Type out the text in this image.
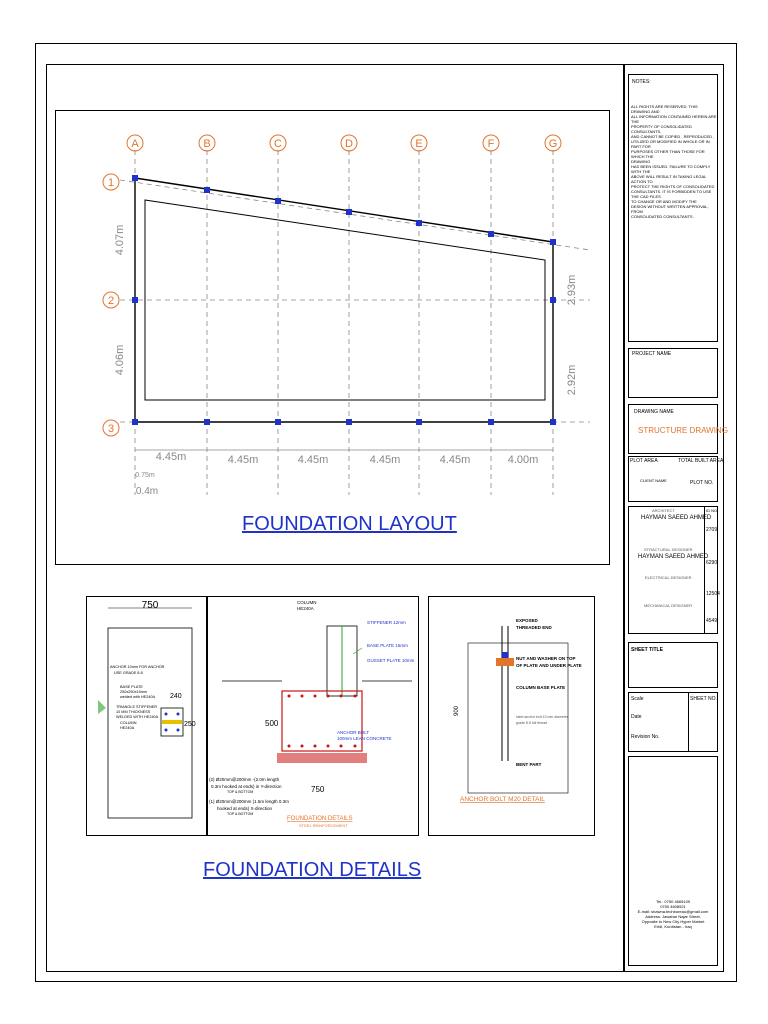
A	B	C	D	E	F	G
1
2
3
4.07m
4.06m
2.93m
2.92m
4.45m	4.45m	4.45m	4.45m	4.45m	4.00m
0.75m
0.4m
FOUNDATION LAYOUT
750
240
250
ANCHOR 10mm FOR ANCHOR
USE GRADE 8.8
BASE PLATE
250x250x15mm
welded with HE240A
TRIANGLE STIFFENER
10 MM THICKNESS
WELDED WITH HE240A
COLUMN
HE240A
COLUMN
HE240A
STIFFENER 12mm
BASE PLATE 15mm
GUSSET PLATE 10mm
ANCHOR BOLT
100mm LEAN CONCRETE
500
750
(2) Ø20mm@200mm -(2.0m length
0.3m hooked at ends) in Y-direction
TOP & BOTTOM
(1) Ø20mm@200mm (1.5m length 0.3m
hooked at ends) X-direction
TOP & BOTTOM
FOUNDATION DETAILS
STEEL REINFORCEMENT
EXPOSED
THREADED END
NUT AND WASHER ON TOP
OF PLATE AND UNDER PLATE
COLUMN BASE PLATE
BENT PART
steel anchor bolt 10 mm diameter
grade 8.8 full thread
900
ANCHOR BOLT M20 DETAIL
FOUNDATION DETAILS
NOTES:
ALL RIGHTS ARE RESERVED. THIS DRAWING AND
ALL INFORMATION CONTAINED HEREIN ARE THE
PROPERTY OF CONSOLIDATED CONSULTANTS,
AND CANNOT BE COPIED , REPRODUCED ,
UTILIZED OR MODIFIED IN WHOLE OR IN PART FOR
PURPOSES OTHER THAN THOSE FOR WHICH THE
DRAWING
HAS BEEN ISSUED. FAILURE TO COMPLY WITH THE
ABOVE WILL RESULT IN TAKING LEGAL ACTION TO
PROTECT THE RIGHTS OF CONSOLIDATED
CONSULTANTS. IT IS FORBIDDEN TO USE THE CAD FILES
TO CHANGE OR AND MODIFY THE
DESIGN WITHOUT WRITTEN APPROVAL, FROM
CONSOLIDATED CONSULTANTS.
PROJECT NAME
DRAWING NAME
STRUCTURE DRAWING
PLOT AREA	TOTAL BUILT AREA
CLIENT NAME	PLOT NO.
ID NO.
ARCHITECT
HAYMAN SAEED AHMED
2709
STRACTURAL DESIGNER
HAYMAN SAEED AHMED
6290
ELECTRICAL DESIGNER
12504
MECHANICAL DESIGNER
4549
SHEET TITLE
Scale	SHEET NO.
Date
Revision No.
Tel.: 0750 4665109
0750 4608921
E-mail: shawna.techbureau@gmail.com
Address: Jawahar Najar Street,
Opposite to New City Hyper Market
Erbil, Kurdistan - Iraq
